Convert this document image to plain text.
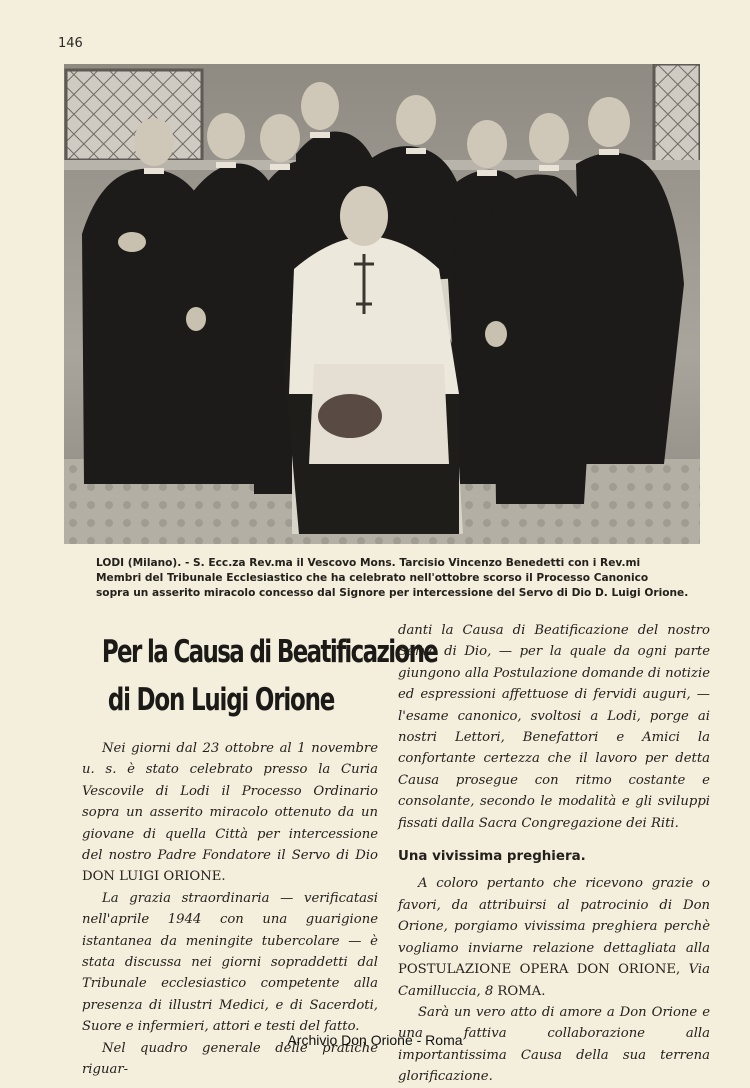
146
LODI (Milano). - S. Ecc.za Rev.ma il Vescovo Mons. Tarcisio Vincenzo Benedetti con i Rev.mi
Membri del Tribunale Ecclesiastico che ha celebrato nell'ottobre scorso il Processo Canonico
sopra un asserito miracolo concesso dal Signore per intercessione del Servo di Dio D. Luigi Orione.
Per la Causa di Beatificazione
di Don Luigi Orione

Nei giorni dal 23 ottobre al 1 novembre u. s. è stato celebrato presso la Curia Vescovile di Lodi il Processo Ordinario sopra un asserito miracolo ottenuto da un giovane di quella Città per intercessione del nostro Padre Fondatore il Servo di Dio DON LUIGI ORIONE.

La grazia straordinaria — verificatasi nell'aprile 1944 con una guarigione istantanea da meningite tubercolare — è stata discussa nei giorni sopraddetti dal Tribunale ecclesiastico competente alla presenza di illustri Medici, e di Sacerdoti, Suore e infermieri, attori e testi del fatto.

Nel quadro generale delle pratiche riguar-

danti la Causa di Beatificazione del nostro Servo di Dio, — per la quale da ogni parte giungono alla Postulazione domande di notizie ed espressioni affettuose di fervidi auguri, — l'esame canonico, svoltosi a Lodi, porge ai nostri Lettori, Benefattori e Amici la confortante certezza che il lavoro per detta Causa prosegue con ritmo costante e consolante, secondo le modalità e gli sviluppi fissati dalla Sacra Congregazione dei Riti.

Una vivissima preghiera.

A coloro pertanto che ricevono grazie o favori, da attribuirsi al patrocinio di Don Orione, porgiamo vivissima preghiera perchè vogliamo inviarne relazione dettagliata alla POSTULAZIONE OPERA DON ORIONE, Via Camilluccia, 8 ROMA.

Sarà un vero atto di amore a Don Orione e una fattiva collaborazione alla importantissima Causa della sua terrena glorificazione.

Archivio Don Orione - Roma
